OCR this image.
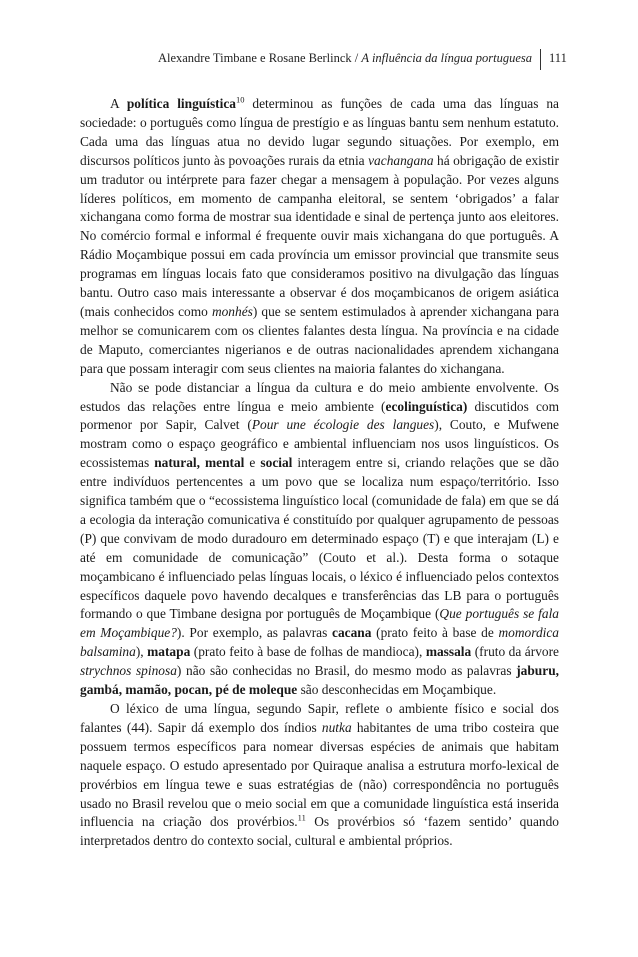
Alexandre Timbane e Rosane Berlinck / A influência da língua portuguesa 111

A política linguística$^{10}$ determinou as funções de cada uma das línguas na sociedade: o português como língua de prestígio e as línguas bantu sem nenhum estatuto. Cada uma das línguas atua no devido lugar segundo situações. Por exemplo, em discursos políticos junto às povoações rurais da etnia vachangana há obrigação de existir um tradutor ou intérprete para fazer chegar a mensagem à população. Por vezes alguns líderes políticos, em momento de campanha eleitoral, se sentem ‘obrigados’ a falar xichangana como forma de mostrar sua identidade e sinal de pertença junto aos eleitores. No comércio formal e informal é frequente ouvir mais xichangana do que português. A Rádio Moçambique possui em cada província um emissor provincial que transmite seus programas em línguas locais fato que consideramos positivo na divulgação das línguas bantu. Outro caso mais interessante a observar é dos moçambicanos de origem asiática (mais conhecidos como monhés) que se sentem estimulados à aprender xichangana para melhor se comunicarem com os clientes falantes desta língua. Na província e na cidade de Maputo, comerciantes nigerianos e de outras nacionalidades aprendem xichangana para que possam interagir com seus clientes na maioria falantes do xichangana.

Não se pode distanciar a língua da cultura e do meio ambiente envolvente. Os estudos das relações entre língua e meio ambiente (ecolinguística) discutidos com pormenor por Sapir, Calvet (Pour une écologie des langues), Couto, e Mufwene mostram como o espaço geográfico e ambiental influenciam nos usos linguísticos. Os ecossistemas natural, mental e social interagem entre si, criando relações que se dão entre indivíduos pertencentes a um povo que se localiza num espaço/território. Isso significa também que o “ecossistema linguístico local (comunidade de fala) em que se dá a ecologia da interação comunicativa é constituído por qualquer agrupamento de pessoas (P) que convivam de modo duradouro em determinado espaço (T) e que interajam (L) e até em comunidade de comunicação” (Couto et al.). Desta forma o sotaque moçambicano é influenciado pelas línguas locais, o léxico é influenciado pelos contextos específicos daquele povo havendo decalques e transferências das LB para o português formando o que Timbane designa por português de Moçambique (Que português se fala em Moçambique?). Por exemplo, as palavras cacana (prato feito à base de momordica balsamina), matapa (prato feito à base de folhas de mandioca), massala (fruto da árvore strychnos spinosa) não são conhecidas no Brasil, do mesmo modo as palavras jaburu, gambá, mamão, pocan, pé de moleque são desconhecidas em Moçambique.

O léxico de uma língua, segundo Sapir, reflete o ambiente físico e social dos falantes (44). Sapir dá exemplo dos índios nutka habitantes de uma tribo costeira que possuem termos específicos para nomear diversas espécies de animais que habitam naquele espaço. O estudo apresentado por Quiraque analisa a estrutura morfo-lexical de provérbios em língua tewe e suas estratégias de (não) correspondência no português usado no Brasil revelou que o meio social em que a comunidade linguística está inserida influencia na criação dos provérbios.$^{11}$ Os provérbios só ‘fazem sentido’ quando interpretados dentro do contexto social, cultural e ambiental próprios.
